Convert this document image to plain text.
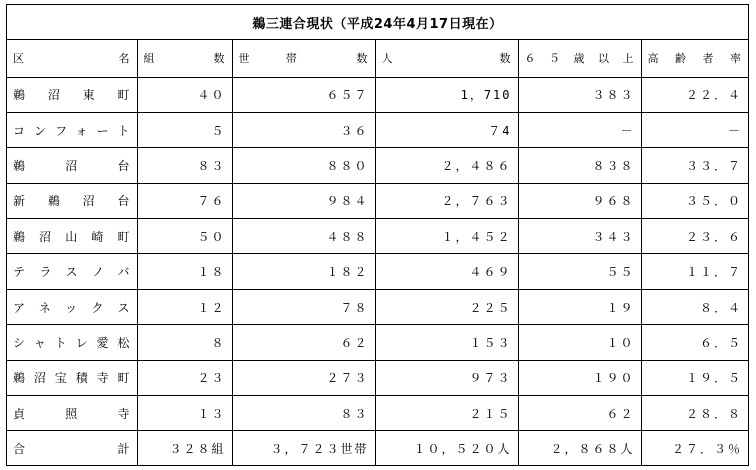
鵜三連合現状（平成24年4月17日現在）
区　　　　名	組　　　数	世　帯　　数	人　　　　　数	６５歳以上	高　齢　者　率
鵜沼東町	４０	６５７	1，710	３８３	２２．４
コンフォート	５	３６	７4	－	－
鵜沼台	８３	８８０	２，４８６	８３８	３３．７
新鵜沼台	７６	９８４	２，７６３	９６８	３５．０
鵜沼山崎町	５０	４８８	１，４５２	３４３	２３．６
テラスノバ	１８	１８２	４６９	５５	１１．７
アネックス	１２	７８	２２５	１９	８．４
シャトレ愛松	８	６２	１５３	１０	６．５
鵜沼宝積寺町	２３	２７３	９７３	１９０	１９．５
貞照寺	１３	８３	２１５	６２	２８．８
合　　　　計	３２８組	３，７２３世帯	１０，５２０人	２，８６８人	２７．３％
